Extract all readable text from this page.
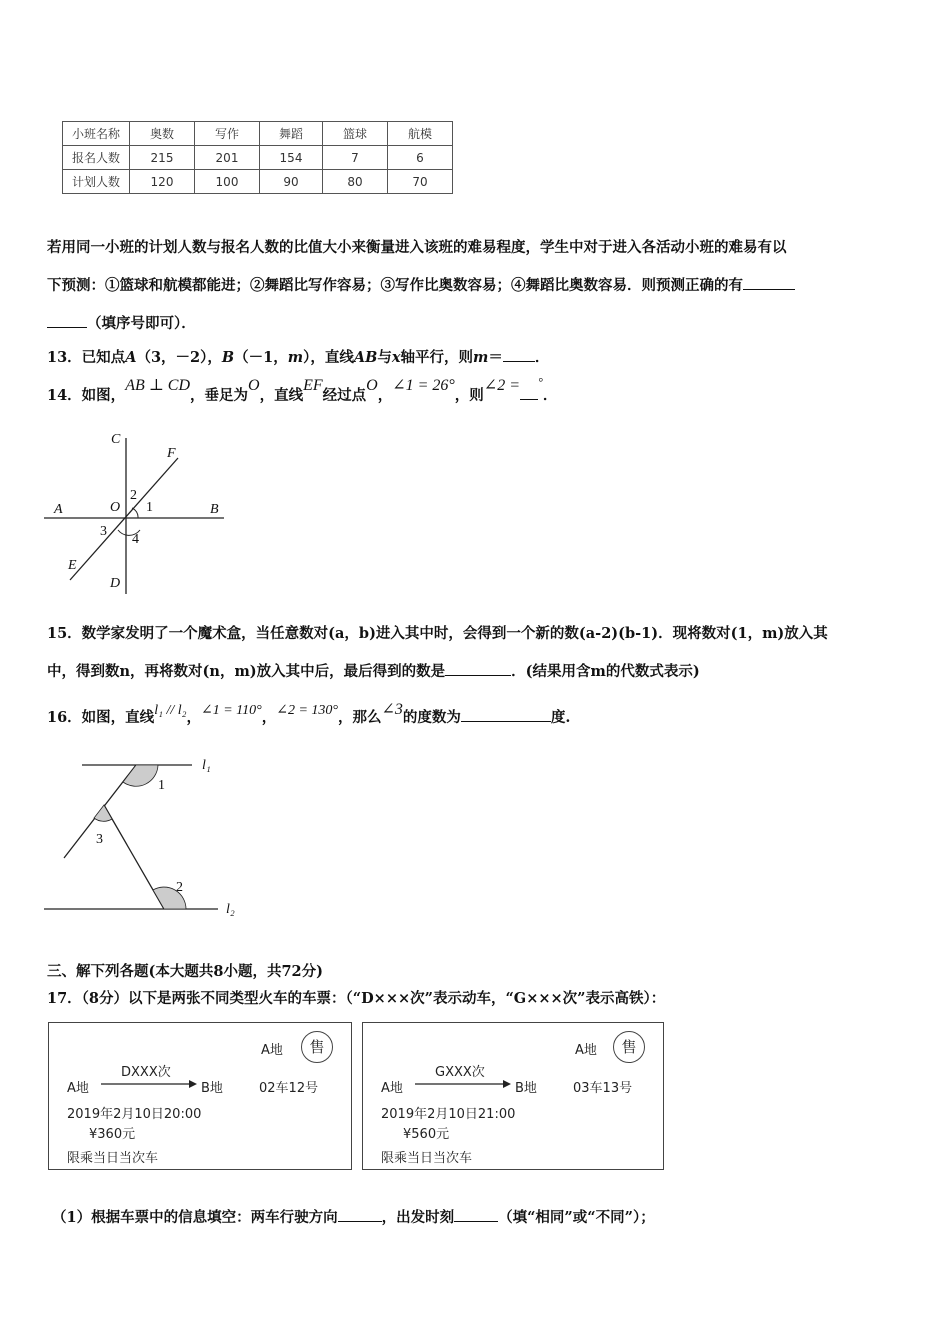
小班名称	奥数	写作	舞蹈	篮球	航模
报名人数	215	201	154	7	6
计划人数	120	100	90	80	70
若用同一小班的计划人数与报名人数的比值大小来衡量进入该班的难易程度，学生中对于进入各活动小班的难易有以
下预测：①篮球和航模都能进；②舞蹈比写作容易；③写作比奥数容易；④舞蹈比奥数容易．则预测正确的有
（填序号即可）．
13．已知点A（3，－2），B（－1，m），直线AB与x轴平行，则m＝ ．
14．如图，AB ⊥ CD，垂足为O，直线EF经过点O，∠1 = 26°，则∠2 = °．
C
F
A	O
2
1	B
3
4
E
D
15．数学家发明了一个魔术盒，当任意数对(a，b)进入其中时，会得到一个新的数(a-2)(b-1)．现将数对(1，m)放入其
中，得到数n，再将数对(n，m)放入其中后，最后得到的数是	．(结果用含m的代数式表示)
16．如图，直线l₁ // l₂，∠1 = 110°，∠2 = 130°，那么∠3的度数为	度.
l₁
1
3
2
l₂
三、解下列各题(本大题共8小题，共72分)
17．（8分）以下是两张不同类型火车的车票：（“D×××次”表示动车，“G×××次”表示高铁）：
A地	售
DXXX次
A地	B地	02车12号
2019年2月10日20:00
¥360元
限乘当日当次车
A地	售
GXXX次
A地	B地	03车13号
2019年2月10日21:00
¥560元
限乘当日当次车
（1）根据车票中的信息填空：两车行驶方向	，出发时刻	（填“相同”或“不同”）；
